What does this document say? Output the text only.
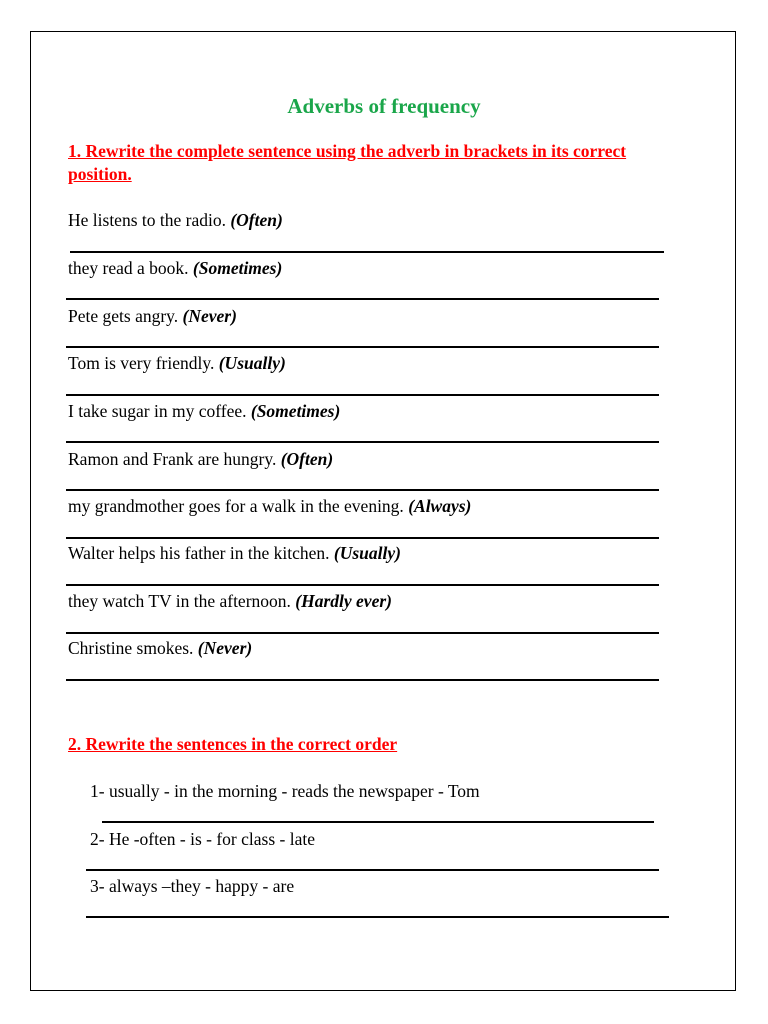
Adverbs of frequency
1. Rewrite the complete sentence using the adverb in brackets in its correct position.
He listens to the radio. (Often)
they read a book. (Sometimes)
Pete gets angry. (Never)
Tom is very friendly. (Usually)
I take sugar in my coffee. (Sometimes)
Ramon and Frank are hungry. (Often)
my grandmother goes for a walk in the evening. (Always)
Walter helps his father in the kitchen. (Usually)
they watch TV in the afternoon. (Hardly ever)
Christine smokes. (Never)
2. Rewrite the sentences in the correct order
1- usually - in the morning - reads the newspaper - Tom
2- He -often - is - for class - late
3- always –they - happy - are
